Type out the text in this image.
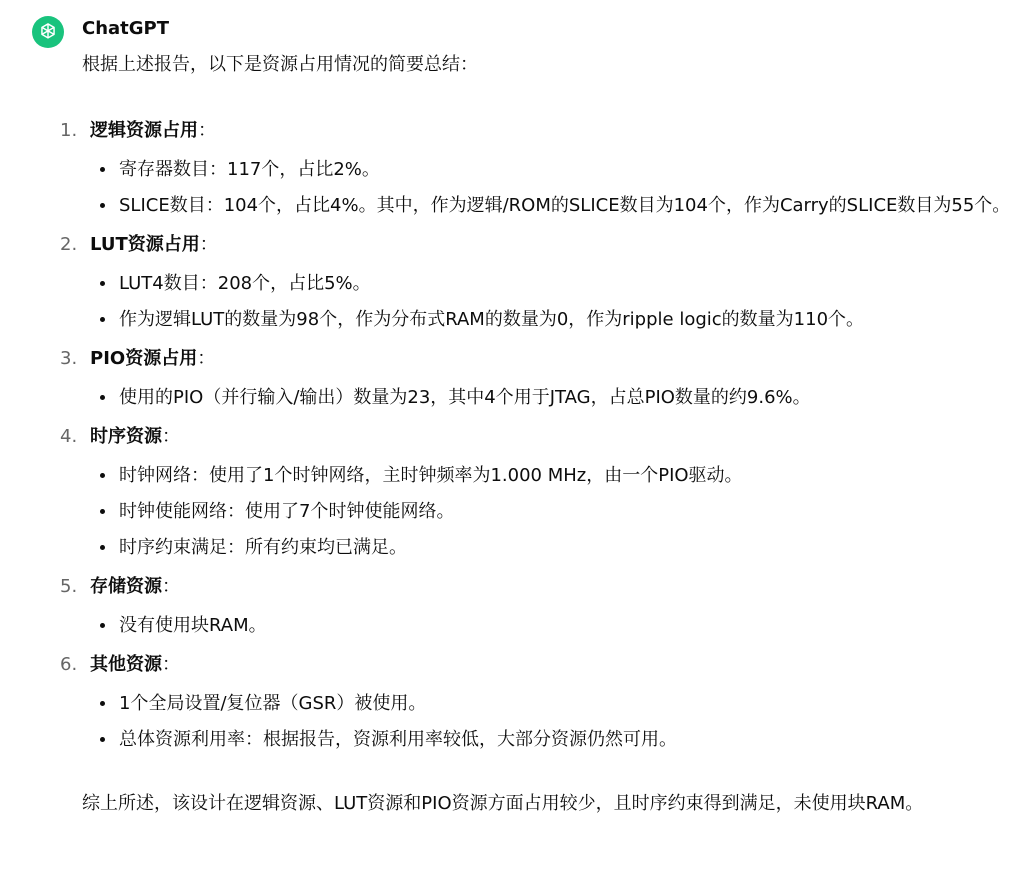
ChatGPT

根据上述报告，以下是资源占用情况的简要总结：

1. 逻辑资源占用：
寄存器数目：117个，占比2%。
SLICE数目：104个，占比4%。其中，作为逻辑/ROM的SLICE数目为104个，作为Carry的SLICE数目为55个。
2. LUT资源占用：
LUT4数目：208个，占比5%。
作为逻辑LUT的数量为98个，作为分布式RAM的数量为0，作为ripple logic的数量为110个。
3. PIO资源占用：
使用的PIO（并行输入/输出）数量为23，其中4个用于JTAG，占总PIO数量的约9.6%。
4. 时序资源：
时钟网络：使用了1个时钟网络，主时钟频率为1.000 MHz，由一个PIO驱动。
时钟使能网络：使用了7个时钟使能网络。
时序约束满足：所有约束均已满足。
5. 存储资源：
没有使用块RAM。
6. 其他资源：
1个全局设置/复位器（GSR）被使用。
总体资源利用率：根据报告，资源利用率较低，大部分资源仍然可用。

综上所述，该设计在逻辑资源、LUT资源和PIO资源方面占用较少，且时序约束得到满足，未使用块RAM。
